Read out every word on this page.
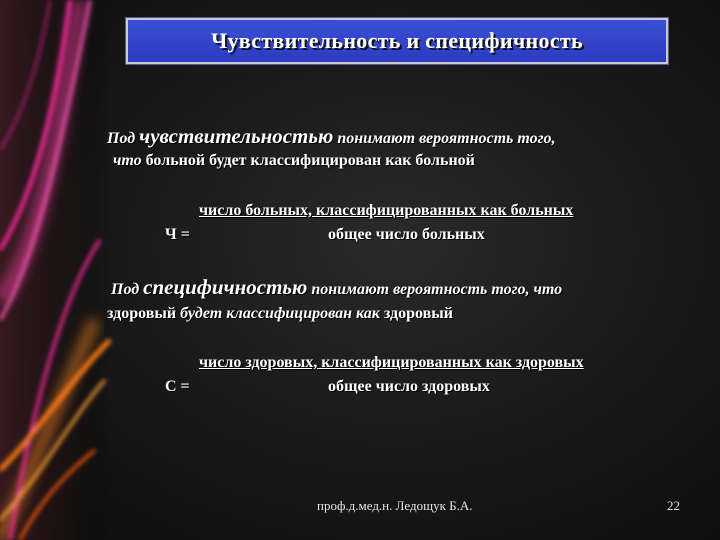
Чувствительность и специфичность
Под чувствительностью понимают вероятность того,
что больной будет классифицирован как больной
число больных, классифицированных как больных
Ч =	общее число больных
Под специфичностью понимают вероятность того, что
здоровый будет классифицирован как здоровый
число здоровых, классифицированных как здоровых
С =	общее число здоровых
проф.д.мед.н. Ледощук Б.А.	22
